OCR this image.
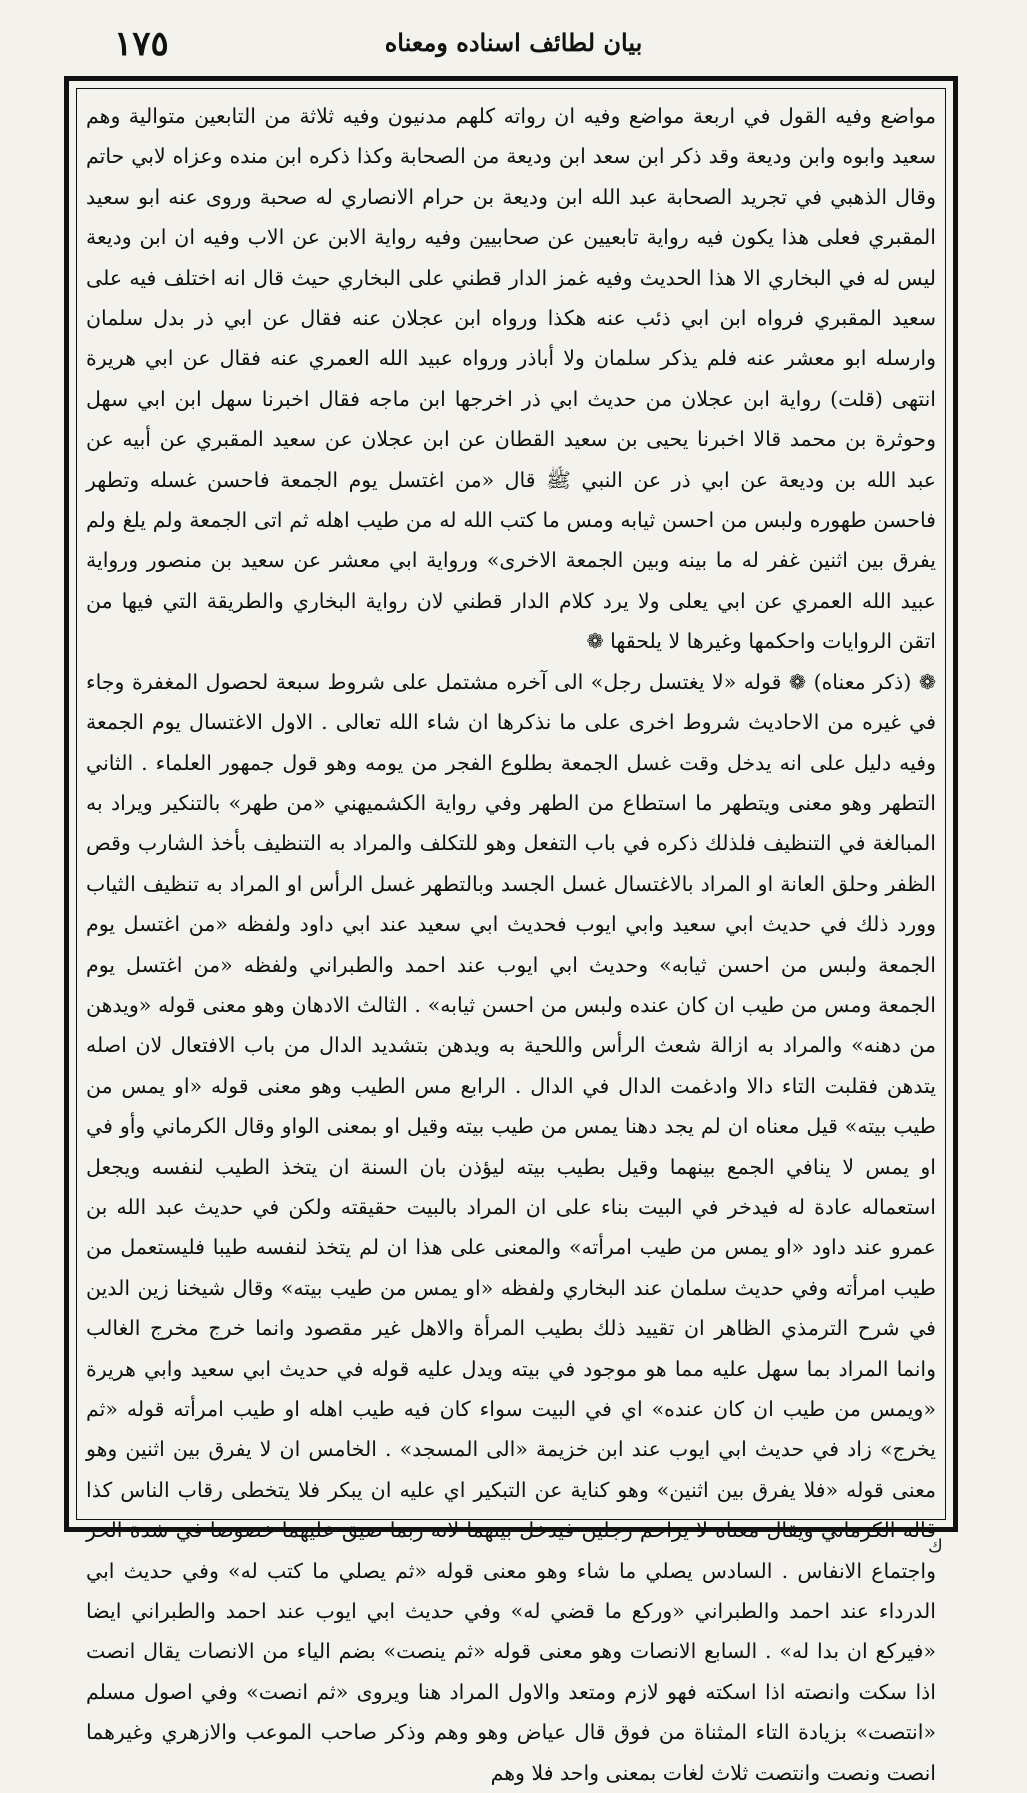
١٧٥	بيان لطائف اسناده ومعناه

مواضع وفيه القول في اربعة مواضع وفيه ان رواته كلهم مدنيون وفيه ثلاثة من التابعين متوالية وهم سعيد وابوه وابن وديعة وقد ذكر ابن سعد ابن وديعة من الصحابة وكذا ذكره ابن منده وعزاه لابي حاتم وقال الذهبي في تجريد الصحابة عبد الله ابن وديعة بن حرام الانصاري له صحبة وروى عنه ابو سعيد المقبري فعلى هذا يكون فيه رواية تابعيين عن صحابيين وفيه رواية الابن عن الاب وفيه ان ابن وديعة ليس له في البخاري الا هذا الحديث وفيه غمز الدار قطني على البخاري حيث قال انه اختلف فيه على سعيد المقبري فرواه ابن ابي ذئب عنه هكذا ورواه ابن عجلان عنه فقال عن ابي ذر بدل سلمان وارسله ابو معشر عنه فلم يذكر سلمان ولا أباذر ورواه عبيد الله العمري عنه فقال عن ابي هريرة انتهى (قلت) رواية ابن عجلان من حديث ابي ذر اخرجها ابن ماجه فقال اخبرنا سهل ابن ابي سهل وحوثرة بن محمد قالا اخبرنا يحيى بن سعيد القطان عن ابن عجلان عن سعيد المقبري عن أبيه عن عبد الله بن وديعة عن ابي ذر عن النبي ﷺ قال «من اغتسل يوم الجمعة فاحسن غسله وتطهر فاحسن طهوره ولبس من احسن ثيابه ومس ما كتب الله له من طيب اهله ثم اتى الجمعة ولم يلغ ولم يفرق بين اثنين غفر له ما بينه وبين الجمعة الاخرى» ورواية ابي معشر عن سعيد بن منصور ورواية عبيد الله العمري عن ابي يعلى ولا يرد كلام الدار قطني لان رواية البخاري والطريقة التي فيها من اتقن الروايات واحكمها وغيرها لا يلحقها ❁

❁ (ذكر معناه) ❁ قوله «لا يغتسل رجل» الى آخره مشتمل على شروط سبعة لحصول المغفرة وجاء في غيره من الاحاديث شروط اخرى على ما نذكرها ان شاء الله تعالى . الاول الاغتسال يوم الجمعة وفيه دليل على انه يدخل وقت غسل الجمعة بطلوع الفجر من يومه وهو قول جمهور العلماء . الثاني التطهر وهو معنى ويتطهر ما استطاع من الطهر وفي رواية الكشميهني «من طهر» بالتنكير ويراد به المبالغة في التنظيف فلذلك ذكره في باب التفعل وهو للتكلف والمراد به التنظيف بأخذ الشارب وقص الظفر وحلق العانة او المراد بالاغتسال غسل الجسد وبالتطهر غسل الرأس او المراد به تنظيف الثياب وورد ذلك في حديث ابي سعيد وابي ايوب فحديث ابي سعيد عند ابي داود ولفظه «من اغتسل يوم الجمعة ولبس من احسن ثيابه» وحديث ابي ايوب عند احمد والطبراني ولفظه «من اغتسل يوم الجمعة ومس من طيب ان كان عنده ولبس من احسن ثيابه» . الثالث الادهان وهو معنى قوله «ويدهن من دهنه» والمراد به ازالة شعث الرأس واللحية به ويدهن بتشديد الدال من باب الافتعال لان اصله يتدهن فقلبت التاء دالا وادغمت الدال في الدال . الرابع مس الطيب وهو معنى قوله «او يمس من طيب بيته» قيل معناه ان لم يجد دهنا يمس من طيب بيته وقيل او بمعنى الواو وقال الكرماني وأو في او يمس لا ينافي الجمع بينهما وقيل بطيب بيته ليؤذن بان السنة ان يتخذ الطيب لنفسه ويجعل استعماله عادة له فيدخر في البيت بناء على ان المراد بالبيت حقيقته ولكن في حديث عبد الله بن عمرو عند داود «او يمس من طيب امرأته» والمعنى على هذا ان لم يتخذ لنفسه طيبا فليستعمل من طيب امرأته وفي حديث سلمان عند البخاري ولفظه «او يمس من طيب بيته» وقال شيخنا زين الدين في شرح الترمذي الظاهر ان تقييد ذلك بطيب المرأة والاهل غير مقصود وانما خرج مخرج الغالب وانما المراد بما سهل عليه مما هو موجود في بيته ويدل عليه قوله في حديث ابي سعيد وابي هريرة «ويمس من طيب ان كان عنده» اي في البيت سواء كان فيه طيب اهله او طيب امرأته قوله «ثم يخرج» زاد في حديث ابي ايوب عند ابن خزيمة «الى المسجد» . الخامس ان لا يفرق بين اثنين وهو معنى قوله «فلا يفرق بين اثنين» وهو كناية عن التبكير اي عليه ان يبكر فلا يتخطى رقاب الناس كذا قاله الكرماني ويقال معناه لا يزاحم رجلين فيدخل بينهما لانه ربما ضيق عليهما خصوصا في شدة الحر واجتماع الانفاس . السادس يصلي ما شاء وهو معنى قوله «ثم يصلي ما كتب له» وفي حديث ابي الدرداء عند احمد والطبراني «وركع ما قضي له» وفي حديث ابي ايوب عند احمد والطبراني ايضا «فيركع ان بدا له» . السابع الانصات وهو معنى قوله «ثم ينصت» بضم الياء من الانصات يقال انصت اذا سكت وانصته اذا اسكته فهو لازم ومتعد والاول المراد هنا ويروى «ثم انصت» وفي اصول مسلم «انتصت» بزيادة التاء المثناة من فوق قال عياض وهو وهم وذكر صاحب الموعب والازهري وغيرهما انصت ونصت وانتصت ثلاث لغات بمعنى واحد فلا وهم

ك
